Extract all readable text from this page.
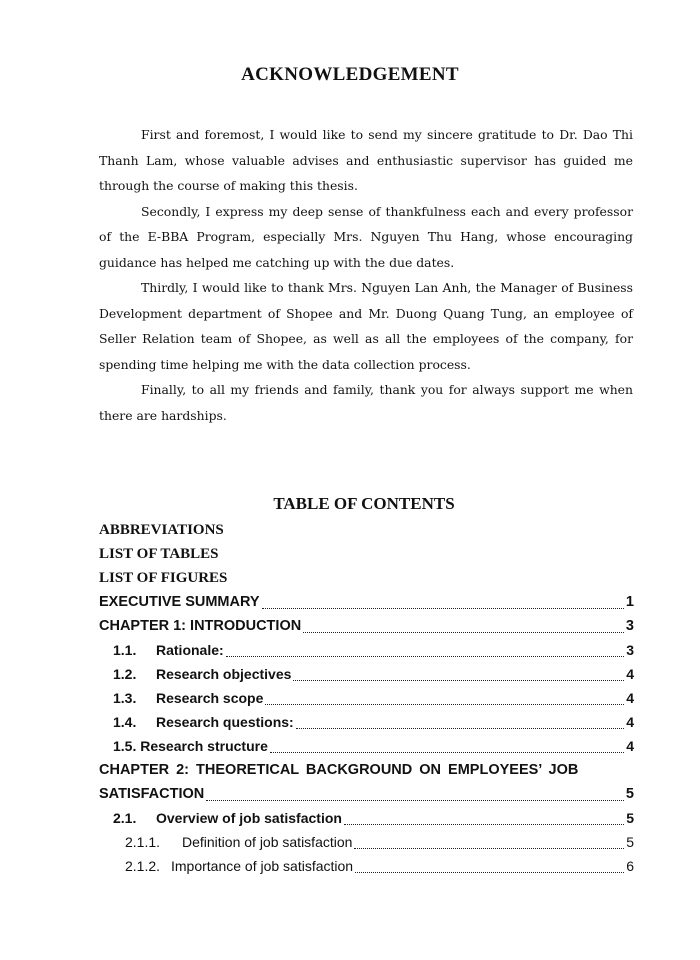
ACKNOWLEDGEMENT

First and foremost, I would like to send my sincere gratitude to Dr. Dao Thi Thanh Lam, whose valuable advises and enthusiastic supervisor has guided me through the course of making this thesis.

Secondly, I express my deep sense of thankfulness each and every professor of the E-BBA Program, especially Mrs. Nguyen Thu Hang, whose encouraging guidance has helped me catching up with the due dates.

Thirdly, I would like to thank Mrs. Nguyen Lan Anh, the Manager of Business Development department of Shopee and Mr. Duong Quang Tung, an employee of Seller Relation team of Shopee, as well as all the employees of the company, for spending time helping me with the data collection process.

Finally, to all my friends and family, thank you for always support me when there are hardships.

TABLE OF CONTENTS
ABBREVIATIONS
LIST OF TABLES
LIST OF FIGURES
EXECUTIVE SUMMARY	1
CHAPTER 1: INTRODUCTION	3
1.1.	Rationale:	3
1.2.	Research objectives	4
1.3.	Research scope	4
1.4.	Research questions:	4
1.5. Research structure	4
CHAPTER 2: THEORETICAL BACKGROUND ON EMPLOYEES’ JOB
SATISFACTION	5
2.1.	Overview of job satisfaction	5
2.1.1.	Definition of job satisfaction	5
2.1.2. Importance of job satisfaction	6
